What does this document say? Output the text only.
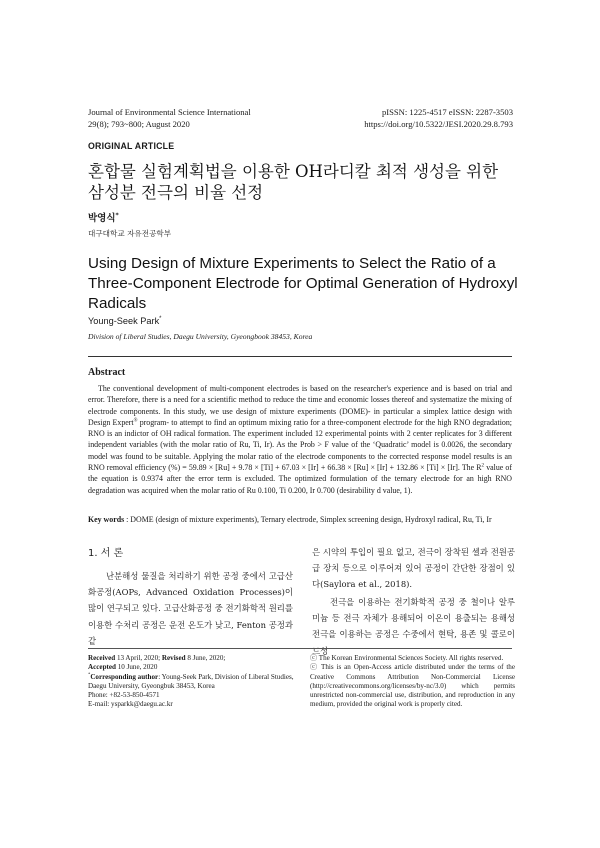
Journal of Environmental Science International
29(8); 793~800; August 2020
pISSN: 1225-4517 eISSN: 2287-3503
https://doi.org/10.5322/JESI.2020.29.8.793
ORIGINAL ARTICLE
혼합물 실험계획법을 이용한 OH라디칼 최적 생성을 위한 삼성분 전극의 비율 선정
박영식*
대구대학교 자유전공학부
Using Design of Mixture Experiments to Select the Ratio of a Three-Component Electrode for Optimal Generation of Hydroxyl Radicals
Young-Seek Park*
Division of Liberal Studies, Daegu University, Gyeongbook 38453, Korea
Abstract
The conventional development of multi-component electrodes is based on the researcher's experience and is based on trial and error. Therefore, there is a need for a scientific method to reduce the time and economic losses thereof and systematize the mixing of electrode components. In this study, we use design of mixture experiments (DOME)- in particular a simplex lattice design with Design Expert® program- to attempt to find an optimum mixing ratio for a three-component electrode for the high RNO degradation; RNO is an indictor of OH radical formation. The experiment included 12 experimental points with 2 center replicates for 3 different independent variables (with the molar ratio of Ru, Ti, Ir). As the Prob > F value of the ‘Quadratic’ model is 0.0026, the secondary model was found to be suitable. Applying the molar ratio of the electrode components to the corrected response model results is an RNO removal efficiency (%) = 59.89 × [Ru] + 9.78 × [Ti] + 67.03 × [Ir] + 66.38 × [Ru] × [Ir] + 132.86 × [Ti] × [Ir]. The $R^2$ value of the equation is 0.9374 after the error term is excluded. The optimized formulation of the ternary electrode for an high RNO degradation was acquired when the molar ratio of Ru 0.100, Ti 0.200, Ir 0.700 (desirability d value, 1).
Key words : DOME (design of mixture experiments), Ternary electrode, Simplex screening design, Hydroxyl radical, Ru, Ti, Ir
1. 서 론
난분해성 물질을 처리하기 위한 공정 중에서 고급산화공정(AOPs, Advanced Oxidation Processes)이 많이 연구되고 있다. 고급산화공정 중 전기화학적 원리를 이용한 수처리 공정은 운전 온도가 낮고, Fenton 공정과 같
은 시약의 투입이 필요 없고, 전극이 장착된 셀과 전원공급 장치 등으로 이루어져 있어 공정이 간단한 장점이 있다(Saylora et al., 2018).
전극을 이용하는 전기화학적 공정 중 철이나 알루미늄 등 전극 자체가 용해되어 이온이 용출되는 용해성 전극을 이용하는 공정은 수중에서 현탁, 용존 및 콜로이드성
Received 13 April, 2020; Revised 8 June, 2020;
Accepted 10 June, 2020
*Corresponding author: Young-Seek Park, Division of Liberal Studies,
Daegu University, Gyeongbuk 38453, Korea
Phone: +82-53-850-4571
E-mail: ysparkk@daegu.ac.kr
ⓒ The Korean Environmental Sciences Society. All rights reserved.
ⓒ This is an Open-Access article distributed under the terms of the Creative Commons Attribution Non-Commercial License (http://creativecommons.org/licenses/by-nc/3.0) which permits unrestricted non-commercial use, distribution, and reproduction in any medium, provided the original work is properly cited.
